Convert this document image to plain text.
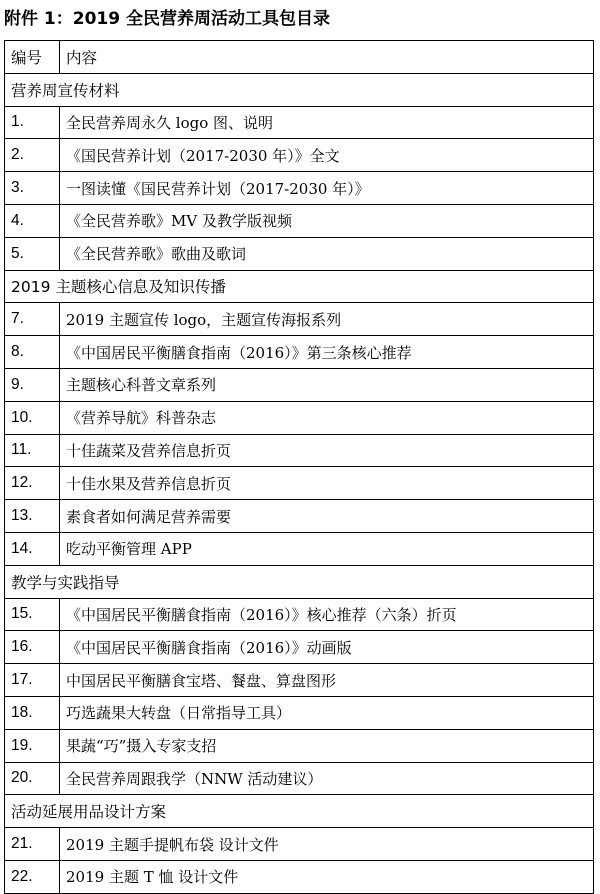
附件 1：2019 全民营养周活动工具包目录
编号	内容
营养周宣传材料	
1.	全民营养周永久 logo 图、说明
2.	《国民营养计划（2017-2030 年）》全文
3.	一图读懂《国民营养计划（2017-2030 年）》
4.	《全民营养歌》MV 及教学版视频
5.	《全民营养歌》歌曲及歌词
2019 主题核心信息及知识传播	
7.	2019 主题宣传 logo，主题宣传海报系列
8.	《中国居民平衡膳食指南（2016）》第三条核心推荐
9.	主题核心科普文章系列
10.	《营养导航》科普杂志
11.	十佳蔬菜及营养信息折页
12.	十佳水果及营养信息折页
13.	素食者如何满足营养需要
14.	吃动平衡管理 APP
教学与实践指导	
15.	《中国居民平衡膳食指南（2016）》核心推荐（六条）折页
16.	《中国居民平衡膳食指南（2016）》动画版
17.	中国居民平衡膳食宝塔、餐盘、算盘图形
18.	巧选蔬果大转盘（日常指导工具）
19.	果蔬“巧”摄入专家支招
20.	全民营养周跟我学（NNW 活动建议）
活动延展用品设计方案	
21.	2019 主题手提帆布袋 设计文件
22.	2019 主题 T 恤 设计文件
